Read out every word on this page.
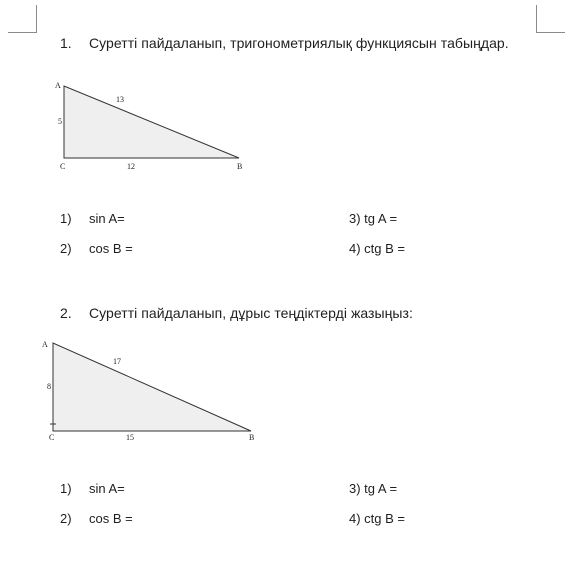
1. Суретті пайдаланып, тригонометриялық функциясын табыңдар.
A
C	B
5
12
13
1) sin A=
2) cos B =
3) tg A =
4) ctg B =
2. Суретті пайдаланып, дұрыс теңдіктерді жазыңыз:
A
C	B
8
15
17
1) sin A=
2) cos B =
3) tg A =
4) ctg B =
